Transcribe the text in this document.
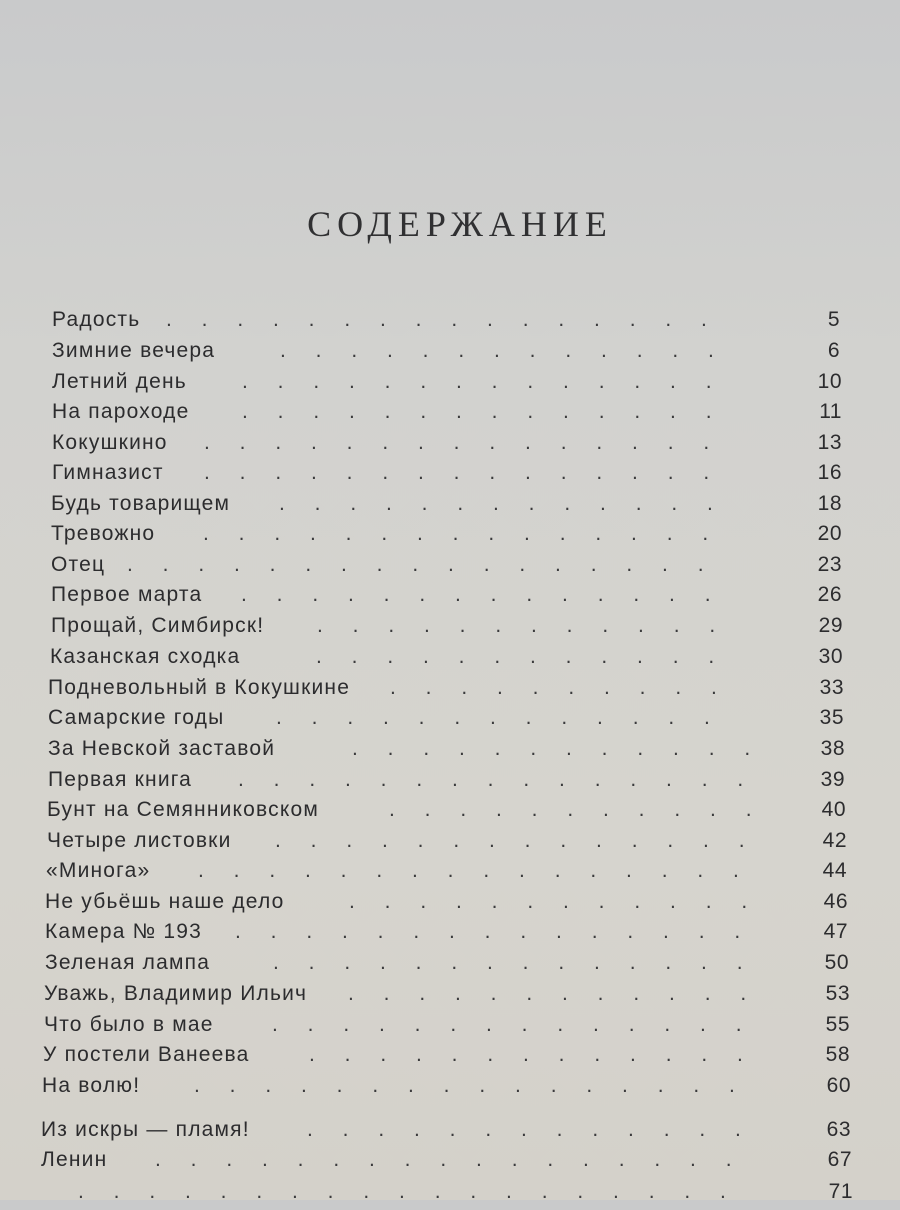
СОДЕРЖАНИЕ
Радость . . . . . . . . . . . . . . . .	5
Зимние вечера	. . . . . . . . . . . . .	6
Летний день	. . . . . . . . . . . . . .	10
На пароходе	. . . . . . . . . . . . . .	11
Кокушкино . . . . . . . . . . . . . . .	13
Гимназист . . . . . . . . . . . . . . .	16
Будь товарищем . . . . . . . . . . . . .	18
Тревожно . . . . . . . . . . . . . . .	20
Отец . . . . . . . . . . . . . . . . .	23
Первое марта . . . . . . . . . . . . . .	26
Прощай, Симбирск!	. . . . . . . . . . . .	29
Казанская сходка	. . . . . . . . . . . .	30
Подневольный в Кокушкине . . . . . . . . . .	33
Самарские годы . . . . . . . . . . . . .	35
За Невской заставой	. . . . . . . . . . . .	38
Первая книга . . . . . . . . . . . . . . .	39
Бунт на Семянниковском	. . . . . . . . . . .	40
Четыре листовки . . . . . . . . . . . . . .	42
«Минога» . . . . . . . . . . . . . . . .	44
Не убьёшь наше дело	. . . . . . . . . . . .	46
Камера № 193 . . . . . . . . . . . . . . .	47
Зеленая лампа	. . . . . . . . . . . . . .	50
Уважь, Владимир Ильич . . . . . . . . . . . .	53
Что было в мае	. . . . . . . . . . . . . .	55
У постели Ванеева	. . . . . . . . . . . . .	58
На волю!	. . . . . . . . . . . . . . . .	60
Из искры — пламя!	. . . . . . . . . . . . .	63
Ленин . . . . . . . . . . . . . . . . .	67
. . . . . . . . . . . . . . . . . . .	71
